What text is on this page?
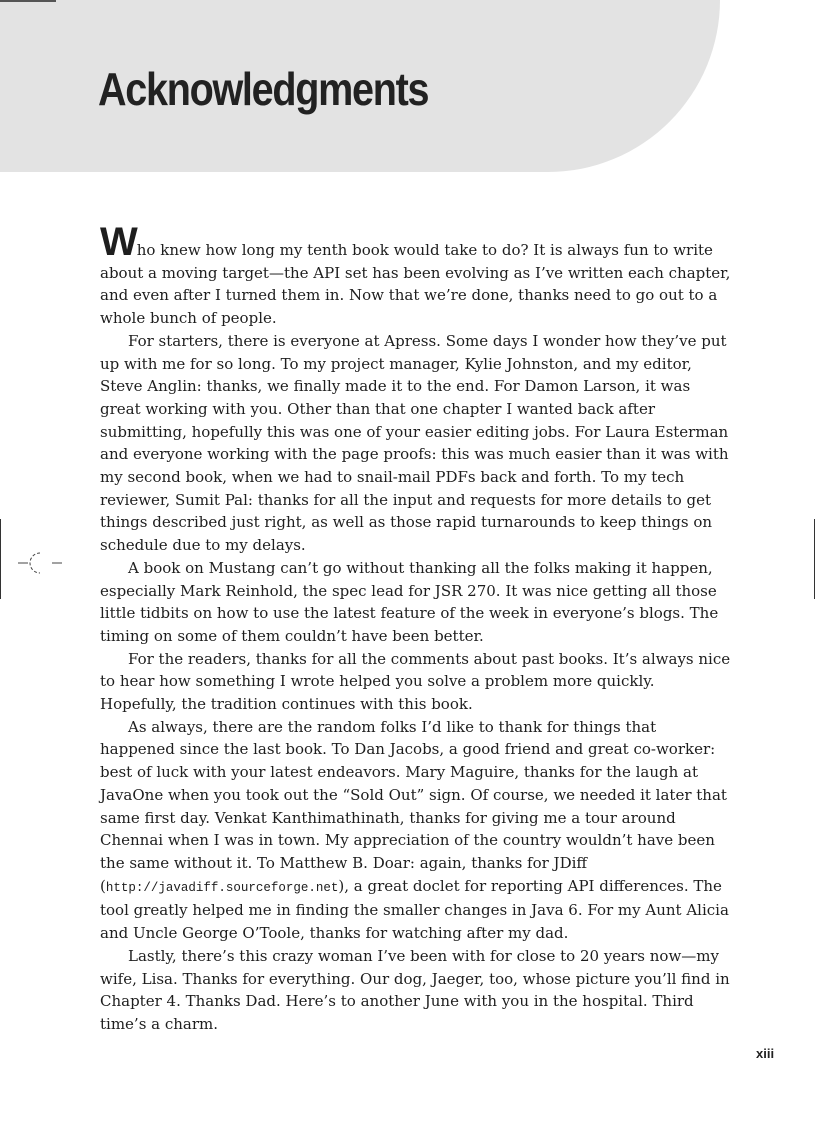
Acknowledgments

Who knew how long my tenth book would take to do? It is always fun to write about a moving target—the API set has been evolving as I’ve written each chapter, and even after I turned them in. Now that we’re done, thanks need to go out to a whole bunch of people.

For starters, there is everyone at Apress. Some days I wonder how they’ve put up with me for so long. To my project manager, Kylie Johnston, and my editor, Steve Anglin: thanks, we finally made it to the end. For Damon Larson, it was great working with you. Other than that one chapter I wanted back after submitting, hopefully this was one of your easier editing jobs. For Laura Esterman and everyone working with the page proofs: this was much easier than it was with my second book, when we had to snail-mail PDFs back and forth. To my tech reviewer, Sumit Pal: thanks for all the input and requests for more details to get things described just right, as well as those rapid turnarounds to keep things on schedule due to my delays.

A book on Mustang can’t go without thanking all the folks making it happen, especially Mark Reinhold, the spec lead for JSR 270. It was nice getting all those little tidbits on how to use the latest feature of the week in everyone’s blogs. The timing on some of them couldn’t have been better.

For the readers, thanks for all the comments about past books. It’s always nice to hear how something I wrote helped you solve a problem more quickly. Hopefully, the tradition continues with this book.

As always, there are the random folks I’d like to thank for things that happened since the last book. To Dan Jacobs, a good friend and great co-worker: best of luck with your latest endeavors. Mary Maguire, thanks for the laugh at JavaOne when you took out the “Sold Out” sign. Of course, we needed it later that same first day. Venkat Kanthimathinath, thanks for giving me a tour around Chennai when I was in town. My appreciation of the country wouldn’t have been the same without it. To Matthew B. Doar: again, thanks for JDiff (http://javadiff.sourceforge.net), a great doclet for reporting API differences. The tool greatly helped me in finding the smaller changes in Java 6. For my Aunt Alicia and Uncle George O’Toole, thanks for watching after my dad.

Lastly, there’s this crazy woman I’ve been with for close to 20 years now—my wife, Lisa. Thanks for everything. Our dog, Jaeger, too, whose picture you’ll find in Chapter 4. Thanks Dad. Here’s to another June with you in the hospital. Third time’s a charm.

xiii
